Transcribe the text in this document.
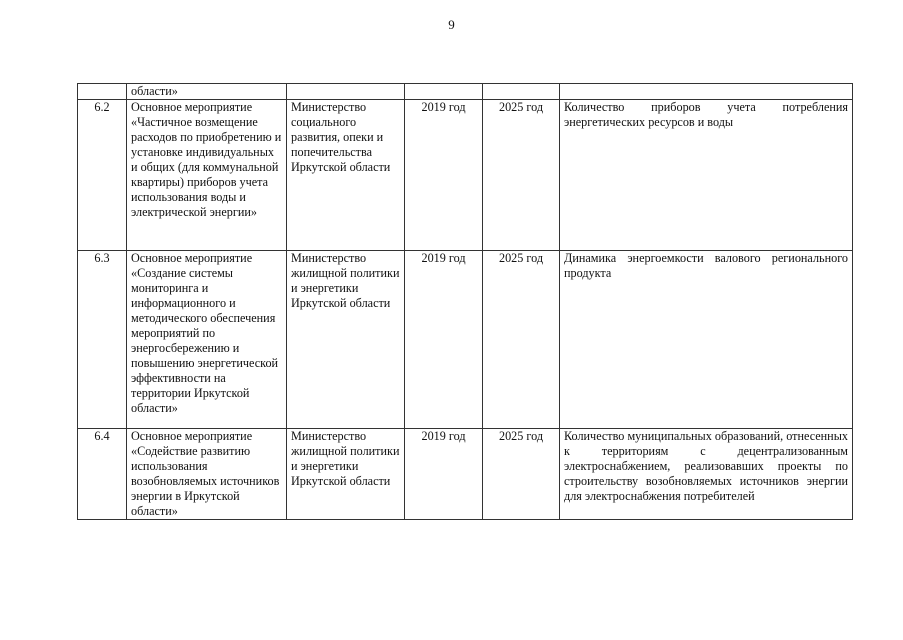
9
	области»				
6.2	Основное мероприятие «Частичное возмещение расходов по приобретению и установке индивидуальных и общих (для коммунальной квартиры) приборов учета использования воды и электрической энергии»	Министерство социального развития, опеки и попечительства Иркутской области	2019 год	2025 год	Количество приборов учета потребления энергетических ресурсов и воды
6.3	Основное мероприятие «Создание системы мониторинга и информационного и методического обеспечения мероприятий по энергосбережению и повышению энергетической эффективности на территории Иркутской области»	Министерство жилищной политики и энергетики Иркутской области	2019 год	2025 год	Динамика энергоемкости валового регионального продукта
6.4	Основное мероприятие «Содействие развитию использования возобновляемых источников энергии в Иркутской области»	Министерство жилищной политики и энергетики Иркутской области	2019 год	2025 год	Количество муниципальных образований, отнесенных к территориям с децентрализованным электроснабжением, реализовавших проекты по строительству возобновляемых источников энергии для электроснабжения потребителей
